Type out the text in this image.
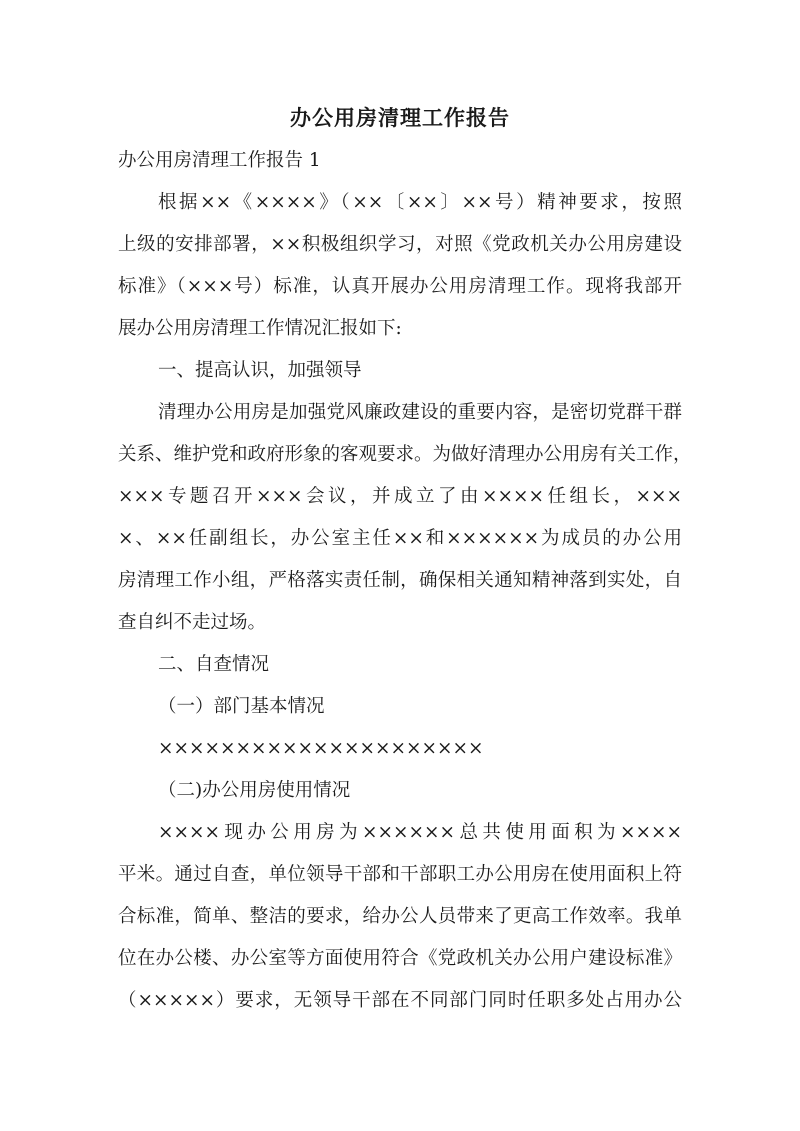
办公用房清理工作报告
办公用房清理工作报告 1
根据××《××××》（××〔××〕××号）精神要求，按照
上级的安排部署，××积极组织学习，对照《党政机关办公用房建设
标准》（×××号）标准，认真开展办公用房清理工作。现将我部开
展办公用房清理工作情况汇报如下:
一、提高认识，加强领导
清理办公用房是加强党风廉政建设的重要内容，是密切党群干群
关系、维护党和政府形象的客观要求。为做好清理办公用房有关工作，
×××专题召开×××会议，并成立了由××××任组长，×××
×、××任副组长，办公室主任××和××××××为成员的办公用
房清理工作小组，严格落实责任制，确保相关通知精神落到实处，自
查自纠不走过场。
二、自查情况
（一）部门基本情况
×××××××××××××××××××××
（二)办公用房使用情况
××××现办公用房为××××××总共使用面积为××××
平米。通过自查，单位领导干部和干部职工办公用房在使用面积上符
合标准，简单、整洁的要求，给办公人员带来了更高工作效率。我单
位在办公楼、办公室等方面使用符合《党政机关办公用户建设标准》
（×××××）要求，无领导干部在不同部门同时任职多处占用办公
